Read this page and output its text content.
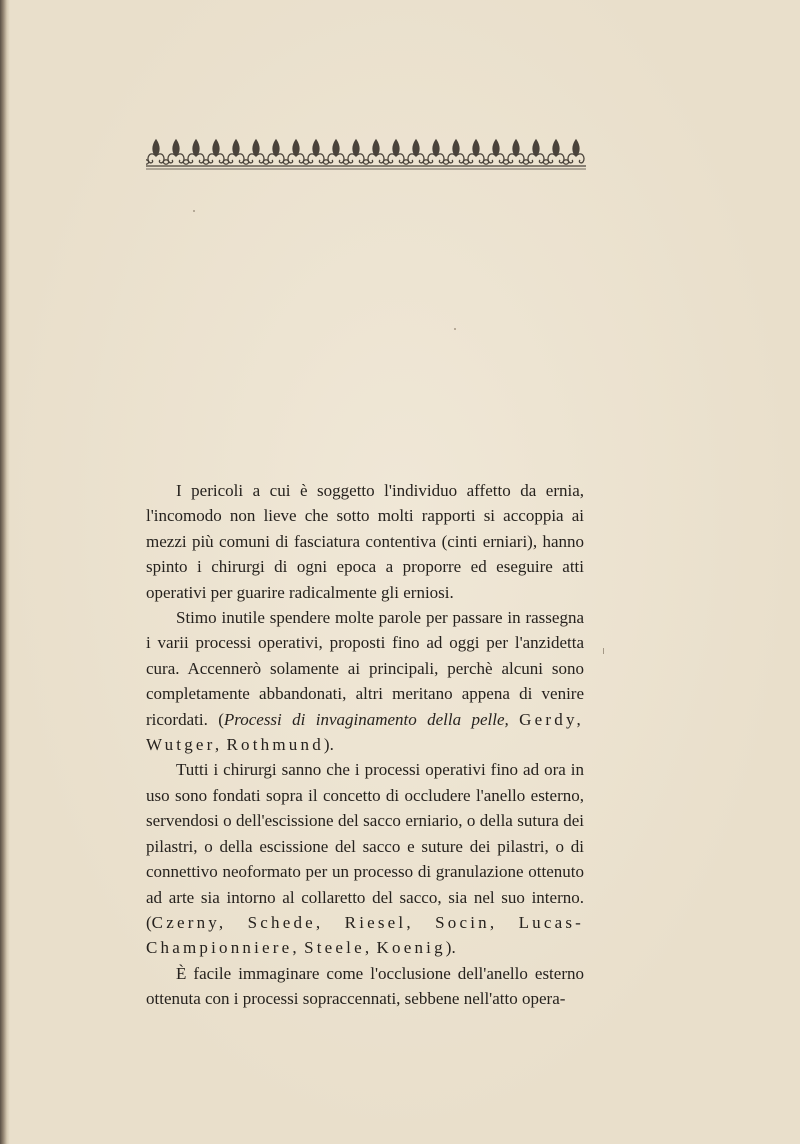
I pericoli a cui è soggetto l'individuo affetto da ernia, l'incomodo non lieve che sotto molti rapporti si accoppia ai mezzi più comuni di fasciatura contentiva (cinti erniari), hanno spinto i chirurgi di ogni epoca a proporre ed eseguire atti operativi per guarire radicalmente gli erniosi.

Stimo inutile spendere molte parole per passare in rassegna i varii processi operativi, proposti fino ad oggi per l'anzidetta cura. Accennerò solamente ai principali, perchè alcuni sono completamente abbandonati, altri meritano appena di venire ricordati. (Processi di invaginamento della pelle, Gerdy, Wutger, Rothmund).

Tutti i chirurgi sanno che i processi operativi fino ad ora in uso sono fondati sopra il concetto di occludere l'anello esterno, servendosi o dell'escissione del sacco erniario, o della sutura dei pilastri, o della escissione del sacco e suture dei pilastri, o di connettivo neoformato per un processo di granulazione ottenuto ad arte sia intorno al collaretto del sacco, sia nel suo interno. (Czerny, Schede, Riesel, Socin, Lucas-Championniere, Steele, Koenig).

È facile immaginare come l'occlusione dell'anello esterno ottenuta con i processi sopraccennati, sebbene nell'atto opera-
